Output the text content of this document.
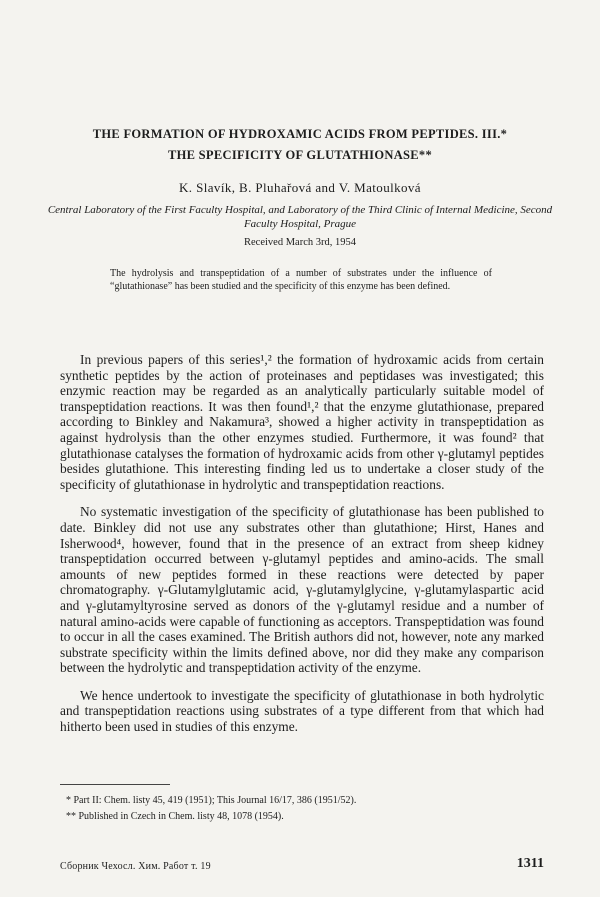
THE FORMATION OF HYDROXAMIC ACIDS FROM PEPTIDES. III.*
THE SPECIFICITY OF GLUTATHIONASE**
K. Slavík, B. Pluhařová and V. Matoulková
Central Laboratory of the First Faculty Hospital, and Laboratory of the Third Clinic of Internal Medicine, Second Faculty Hospital, Prague
Received March 3rd, 1954
The hydrolysis and transpeptidation of a number of substrates under the influence of “glutathionase” has been studied and the specificity of this enzyme has been defined.

In previous papers of this series¹,² the formation of hydroxamic acids from certain synthetic peptides by the action of proteinases and peptidases was investigated; this enzymic reaction may be regarded as an analytically particularly suitable model of transpeptidation reactions. It was then found¹,² that the enzyme glutathionase, prepared according to Binkley and Nakamura³, showed a higher activity in transpeptidation as against hydrolysis than the other enzymes studied. Furthermore, it was found² that glutathionase catalyses the formation of hydroxamic acids from other γ-glutamyl peptides besides glutathione. This interesting finding led us to undertake a closer study of the specificity of glutathionase in hydrolytic and transpeptidation reactions.

No systematic investigation of the specificity of glutathionase has been published to date. Binkley did not use any substrates other than glutathione; Hirst, Hanes and Isherwood⁴, however, found that in the presence of an extract from sheep kidney transpeptidation occurred between γ-glutamyl peptides and amino-acids. The small amounts of new peptides formed in these reactions were detected by paper chromatography. γ-Glutamylglutamic acid, γ-glutamylglycine, γ-glutamylaspartic acid and γ-glutamyltyrosine served as donors of the γ-glutamyl residue and a number of natural amino-acids were capable of functioning as acceptors. Transpeptidation was found to occur in all the cases examined. The British authors did not, however, note any marked substrate specificity within the limits defined above, nor did they make any comparison between the hydrolytic and transpeptidation activity of the enzyme.

We hence undertook to investigate the specificity of glutathionase in both hydrolytic and transpeptidation reactions using substrates of a type different from that which had hitherto been used in studies of this enzyme.

* Part II: Chem. listy 45, 419 (1951); This Journal 16/17, 386 (1951/52).
** Published in Czech in Chem. listy 48, 1078 (1954).
Сборник Чехосл. Хим. Работ т. 19	1311
